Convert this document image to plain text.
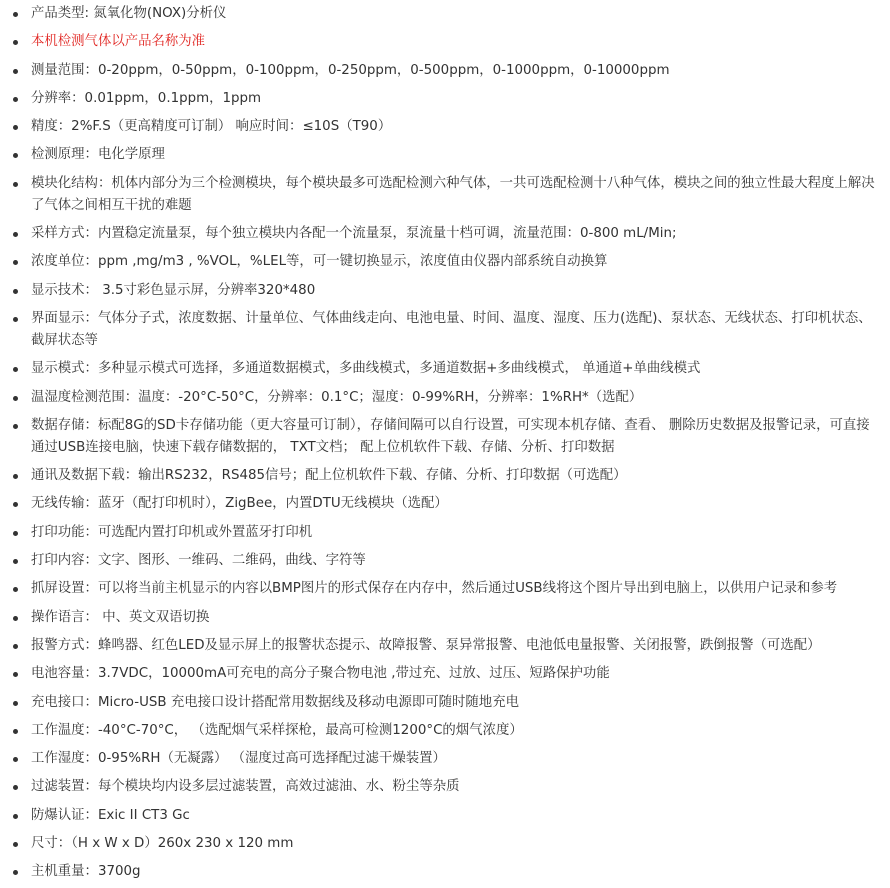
产品类型: 氮氧化物(NOX)分析仪
本机检测气体以产品名称为准
测量范围：0-20ppm，0-50ppm，0-100ppm，0-250ppm，0-500ppm，0-1000ppm，0-10000ppm
分辨率：0.01ppm，0.1ppm，1ppm
精度：2%F.S（更高精度可订制） 响应时间：≤10S（T90）
检测原理：电化学原理
模块化结构：机体内部分为三个检测模块，每个模块最多可选配检测六种气体，一共可选配检测十八种气体，模块之间的独立性最大程度上解决了气体之间相互干扰的难题
采样方式：内置稳定流量泵，每个独立模块内各配一个流量泵，泵流量十档可调，流量范围：0-800 mL/Min;
浓度单位：ppm ,mg/m3 , %VOL，%LEL等，可一键切换显示，浓度值由仪器内部系统自动换算
显示技术： 3.5寸彩色显示屏，分辨率320*480
界面显示：气体分子式，浓度数据、计量单位、气体曲线走向、电池电量、时间、温度、湿度、压力(选配)、泵状态、无线状态、打印机状态、截屏状态等
显示模式：多种显示模式可选择，多通道数据模式，多曲线模式，多通道数据+多曲线模式， 单通道+单曲线模式
温湿度检测范围：温度：-20°C-50°C，分辨率：0.1°C；湿度：0-99%RH，分辨率：1%RH*（选配）
数据存储：标配8G的SD卡存储功能（更大容量可订制），存储间隔可以自行设置，可实现本机存储、查看、 删除历史数据及报警记录，可直接通过USB连接电脑，快速下载存储数据的， TXT文档； 配上位机软件下载、存储、分析、打印数据
通讯及数据下载：输出RS232，RS485信号；配上位机软件下载、存储、分析、打印数据（可选配）
无线传输：蓝牙（配打印机时），ZigBee，内置DTU无线模块（选配）
打印功能：可选配内置打印机或外置蓝牙打印机
打印内容：文字、图形、一维码、二维码，曲线、字符等
抓屏设置：可以将当前主机显示的内容以BMP图片的形式保存在内存中，然后通过USB线将这个图片导出到电脑上，以供用户记录和参考
操作语言： 中、英文双语切换
报警方式：蜂鸣器、红色LED及显示屏上的报警状态提示、故障报警、泵异常报警、电池低电量报警、关闭报警，跌倒报警（可选配）
电池容量：3.7VDC，10000mA可充电的高分子聚合物电池 ,带过充、过放、过压、短路保护功能
充电接口：Micro-USB 充电接口设计搭配常用数据线及移动电源即可随时随地充电
工作温度：-40°C-70°C， （选配烟气采样探枪，最高可检测1200°C的烟气浓度）
工作湿度：0-95%RH（无凝露） （湿度过高可选择配过滤干燥装置）
过滤装置：每个模块均内设多层过滤装置，高效过滤油、水、粉尘等杂质
防爆认证：Exic II CT3 Gc
尺寸：（H x W x D）260x 230 x 120 mm
主机重量：3700g
